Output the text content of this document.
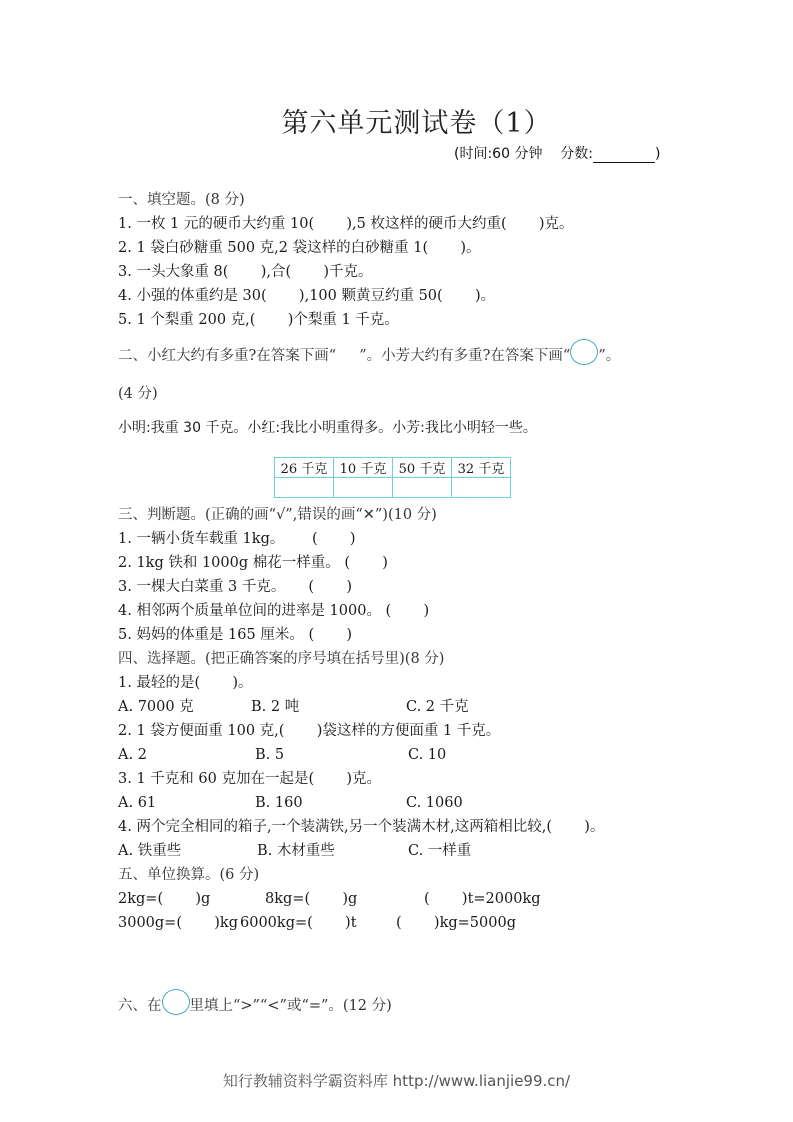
第六单元测试卷（1）
(时间:60 分钟    分数:	)
一、填空题。(8 分)
1. 一枚 1 元的硬币大约重 10(       ),5 枚这样的硬币大约重(       )克。
2. 1 袋白砂糖重 500 克,2 袋这样的白砂糖重 1(       )。
3. 一头大象重 8(       ),合(       )千克。
4. 小强的体重约是 30(       ),100 颗黄豆约重 50(       )。
5. 1 个梨重 200 克,(       )个梨重 1 千克。
二、小红大约有多重?在答案下画“     ”。小芳大约有多重?在答案下画“ ”。
(4 分)
小明:我重 30 千克。小红:我比小明重得多。小芳:我比小明轻一些。
26 千克	10 千克	50 千克	32 千克

三、判断题。(正确的画“√”,错误的画“✕”)(10 分)
1. 一辆小货车载重 1kg。      (       )
2. 1kg 铁和 1000g 棉花一样重。 (       )
3. 一棵大白菜重 3 千克。     (       )
4. 相邻两个质量单位间的进率是 1000。 (       )
5. 妈妈的体重是 165 厘米。 (       )
四、选择题。(把正确答案的序号填在括号里)(8 分)
1. 最轻的是(       )。
A. 7000 克	B. 2 吨	C. 2 千克
2. 1 袋方便面重 100 克,(       )袋这样的方便面重 1 千克。
A. 2	B. 5	C. 10
3. 1 千克和 60 克加在一起是(       )克。
A. 61	B. 160	C. 1060
4. 两个完全相同的箱子,一个装满铁,另一个装满木材,这两箱相比较,(       )。
A. 铁重些	B. 木材重些	C. 一样重
五、单位换算。(6 分)
2kg=(       )g	8kg=(       )g	(       )t=2000kg
3000g=(       )kg 6000kg=(       )t	(       )kg=5000g
六、在 里填上“>”“<”或“=”。(12 分)
知行教辅资料学霸资料库 http://www.lianjie99.cn/
